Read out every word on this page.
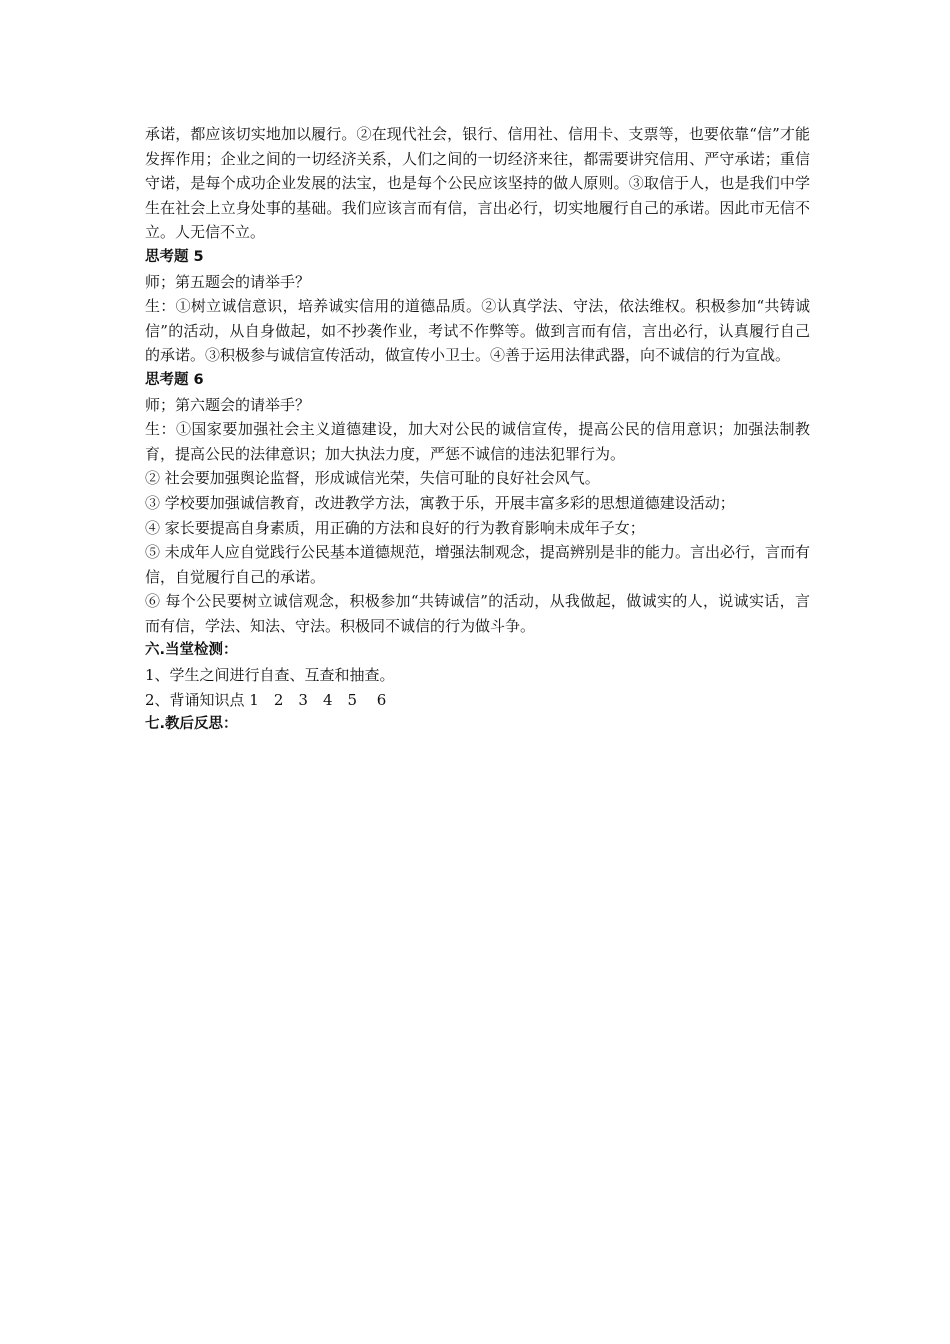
承诺，都应该切实地加以履行。②在现代社会，银行、信用社、信用卡、支票等，也要依靠“信”才能发挥作用；企业之间的一切经济关系，人们之间的一切经济来往，都需要讲究信用、严守承诺；重信守诺，是每个成功企业发展的法宝，也是每个公民应该坚持的做人原则。③取信于人，也是我们中学生在社会上立身处事的基础。我们应该言而有信，言出必行，切实地履行自己的承诺。因此市无信不立。人无信不立。

思考题 5

师；第五题会的请举手？

生：①树立诚信意识，培养诚实信用的道德品质。②认真学法、守法，依法维权。积极参加“共铸诚信”的活动，从自身做起，如不抄袭作业，考试不作弊等。做到言而有信，言出必行，认真履行自己的承诺。③积极参与诚信宣传活动，做宣传小卫士。④善于运用法律武器，向不诚信的行为宣战。

思考题 6

师；第六题会的请举手？

生：①国家要加强社会主义道德建设，加大对公民的诚信宣传，提高公民的信用意识；加强法制教育，提高公民的法律意识；加大执法力度，严惩不诚信的违法犯罪行为。

② 社会要加强舆论监督，形成诚信光荣，失信可耻的良好社会风气。

③ 学校要加强诚信教育，改进教学方法，寓教于乐，开展丰富多彩的思想道德建设活动；

④ 家长要提高自身素质，用正确的方法和良好的行为教育影响未成年子女；

⑤ 未成年人应自觉践行公民基本道德规范，增强法制观念，提高辨别是非的能力。言出必行，言而有信，自觉履行自己的承诺。

⑥ 每个公民要树立诚信观念，积极参加“共铸诚信”的活动，从我做起，做诚实的人，说诚实话，言而有信，学法、知法、守法。积极同不诚信的行为做斗争。

六.当堂检测：

1、学生之间进行自查、互查和抽查。

2、背诵知识点 1　2　3　4　5　 6

七.教后反思：
